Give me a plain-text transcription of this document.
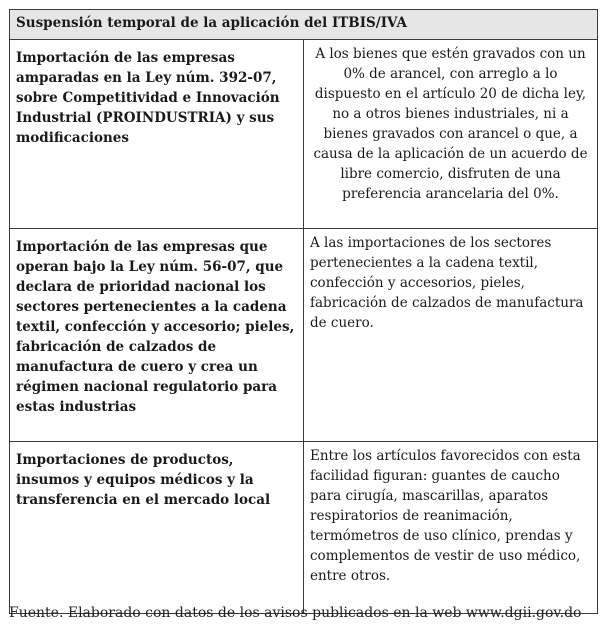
Suspensión temporal de la aplicación del ITBIS/IVA	
Importación de las empresas amparadas en la Ley núm. 392-07, sobre Competitividad e Innovación Industrial (PROINDUSTRIA) y sus modificaciones	A los bienes que estén gravados con un 0% de arancel, con arreglo a lo dispuesto en el artículo 20 de dicha ley, no a otros bienes industriales, ni a bienes gravados con arancel o que, a causa de la aplicación de un acuerdo de libre comercio, disfruten de una preferencia arancelaria del 0%.
Importación de las empresas que operan bajo la Ley núm. 56-07, que declara de prioridad nacional los sectores pertenecientes a la cadena textil, confección y accesorio; pieles, fabricación de calzados de manufactura de cuero y crea un régimen nacional regulatorio para estas industrias	A las importaciones de los sectores pertenecientes a la cadena textil, confección y accesorios, pieles, fabricación de calzados de manufactura de cuero.
Importaciones de productos, insumos y equipos médicos y la transferencia en el mercado local	Entre los artículos favorecidos con esta facilidad figuran: guantes de caucho para cirugía, mascarillas, aparatos respiratorios de reanimación, termómetros de uso clínico, prendas y complementos de vestir de uso médico, entre otros.
Fuente. Elaborado con datos de los avisos publicados en la web www.dgii.gov.do
